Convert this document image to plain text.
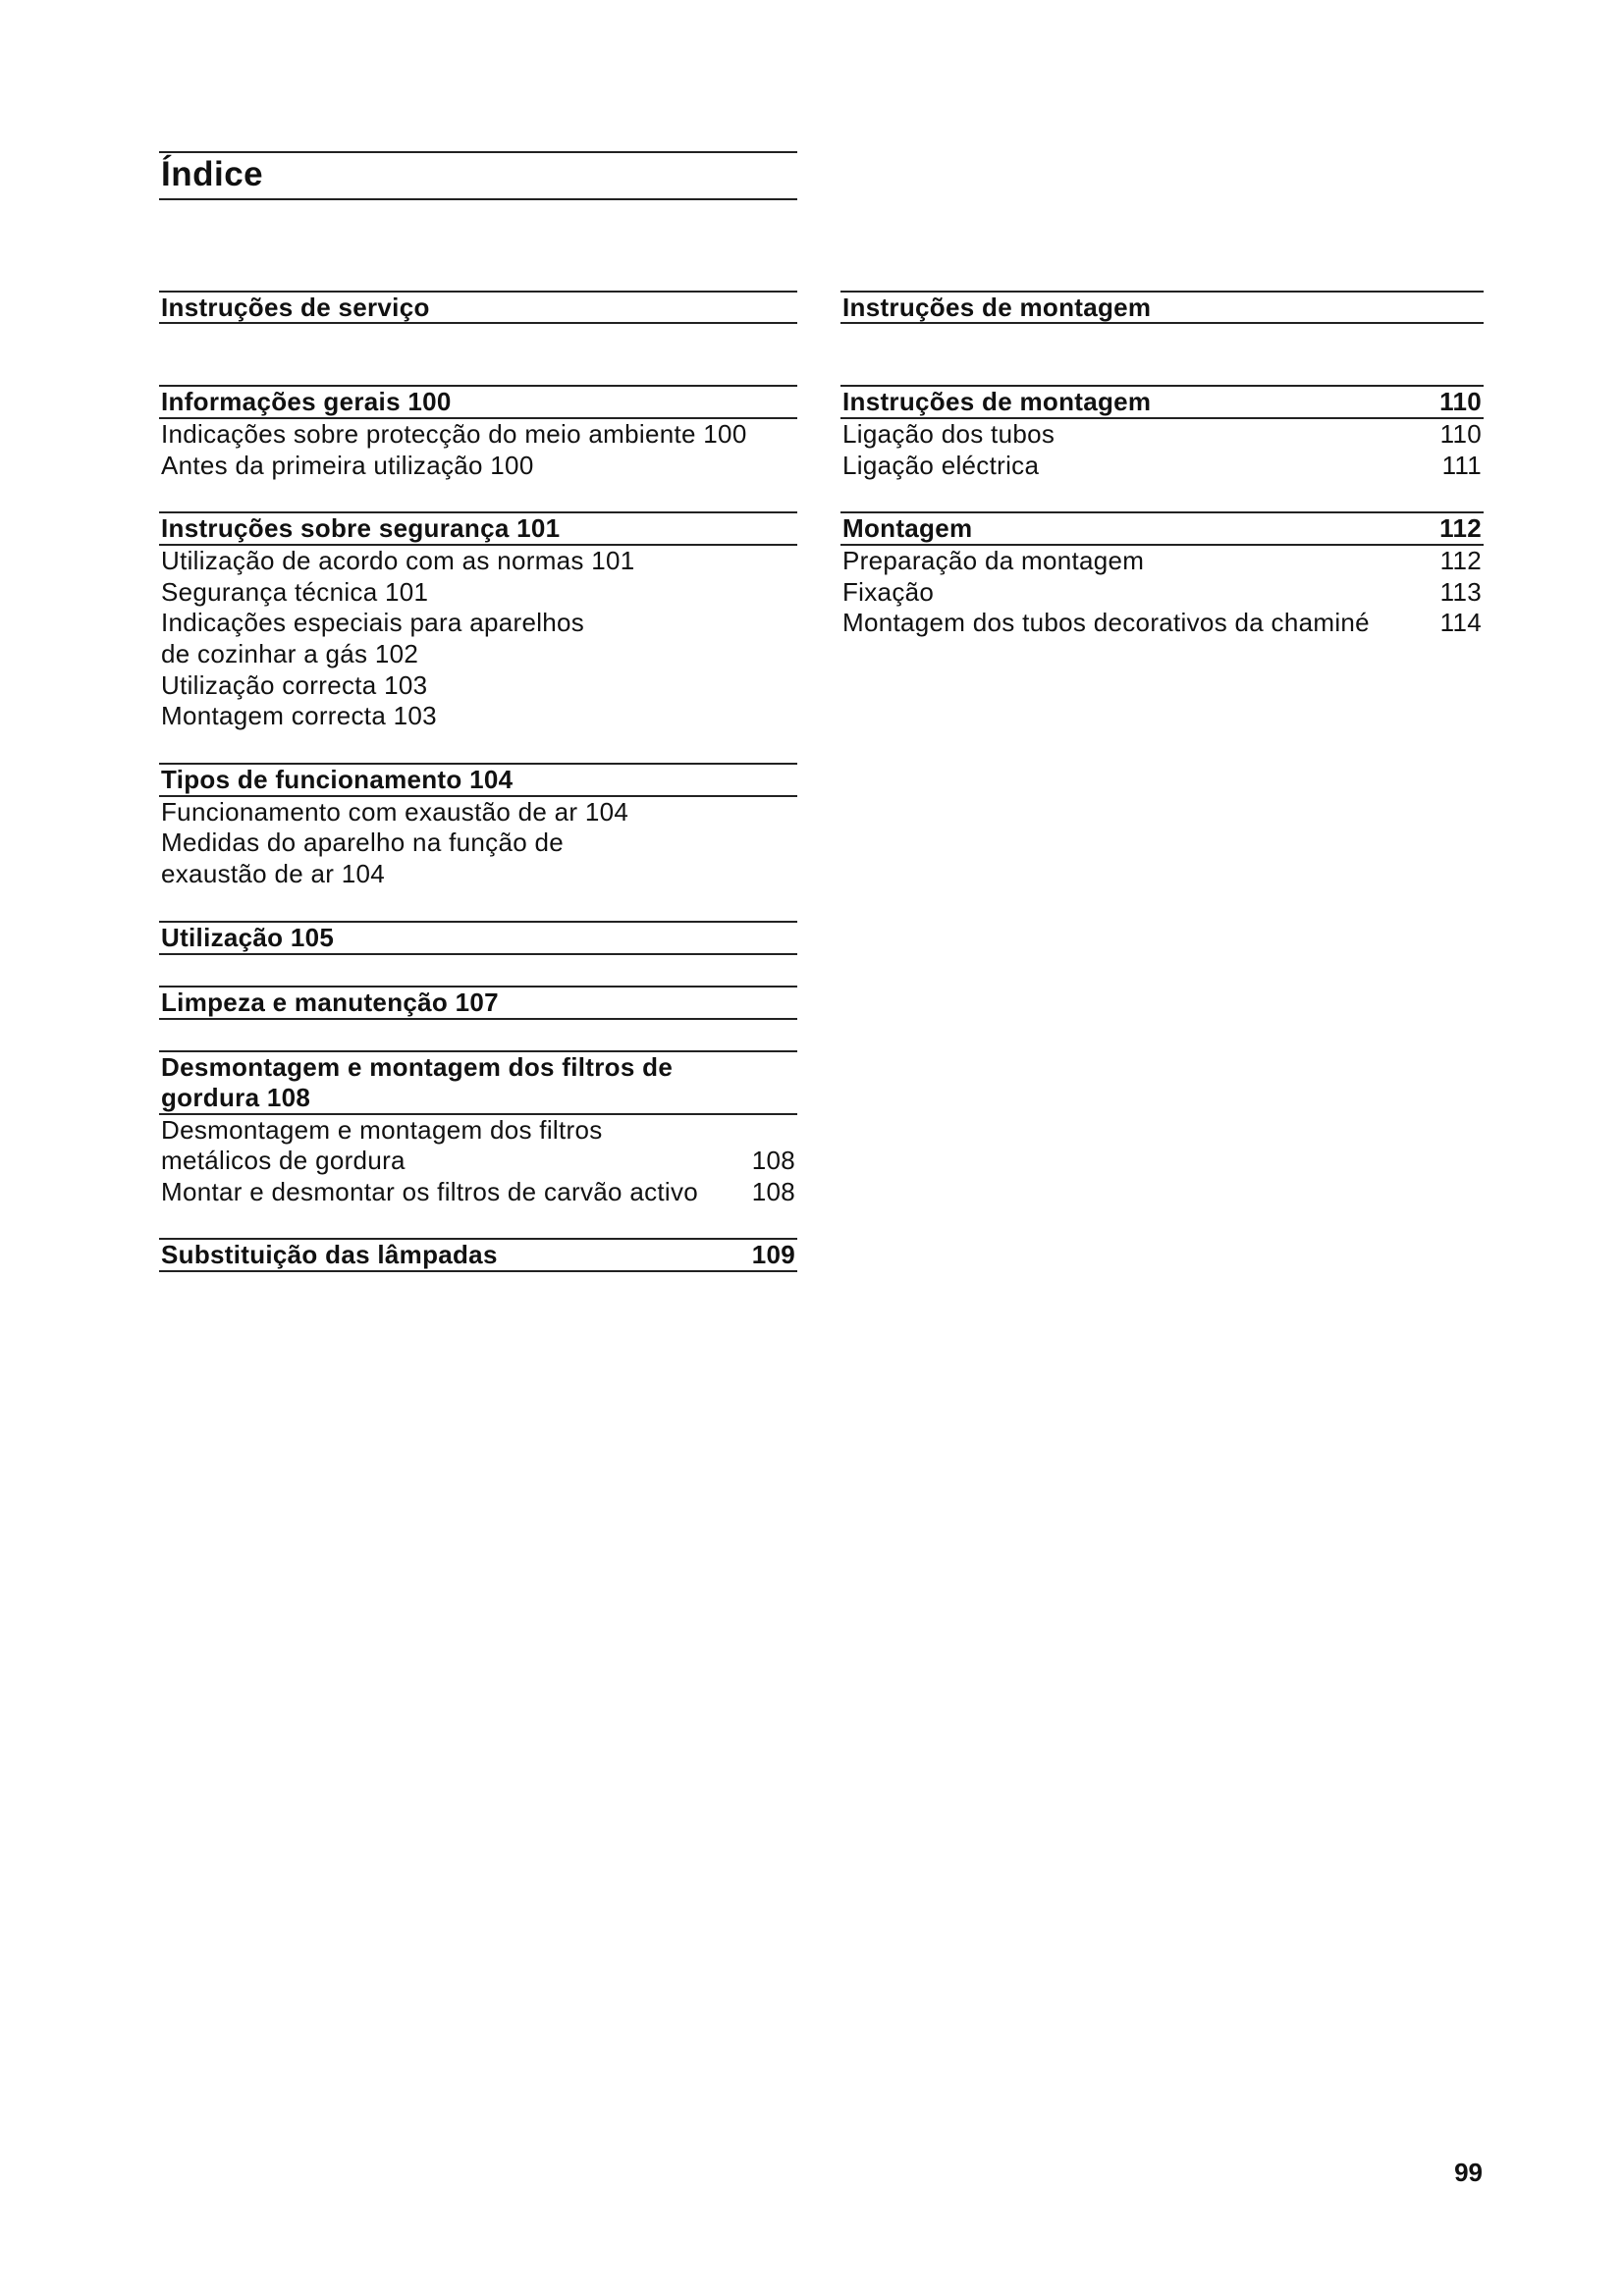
Índice
Instruções de serviço
Informações gerais 100
Indicações sobre protecção do meio ambiente 100
Antes da primeira utilização 100
Instruções sobre segurança 101
Utilização de acordo com as normas 101
Segurança técnica 101
Indicações especiais para aparelhos
de cozinhar a gás 102
Utilização correcta 103
Montagem correcta 103
Tipos de funcionamento 104
Funcionamento com exaustão de ar 104
Medidas do aparelho na função de
exaustão de ar 104
Utilização 105
Limpeza e manutenção 107
Desmontagem e montagem dos filtros de
gordura 108
Desmontagem e montagem dos filtros
metálicos de gordura	108
Montar e desmontar os filtros de carvão activo 108
Substituição das lâmpadas	109
Instruções de montagem
Instruções de montagem	110
Ligação dos tubos	110
Ligação eléctrica	111
Montagem	112
Preparação da montagem	112
Fixação	113
Montagem dos tubos decorativos da chaminé	114
99
